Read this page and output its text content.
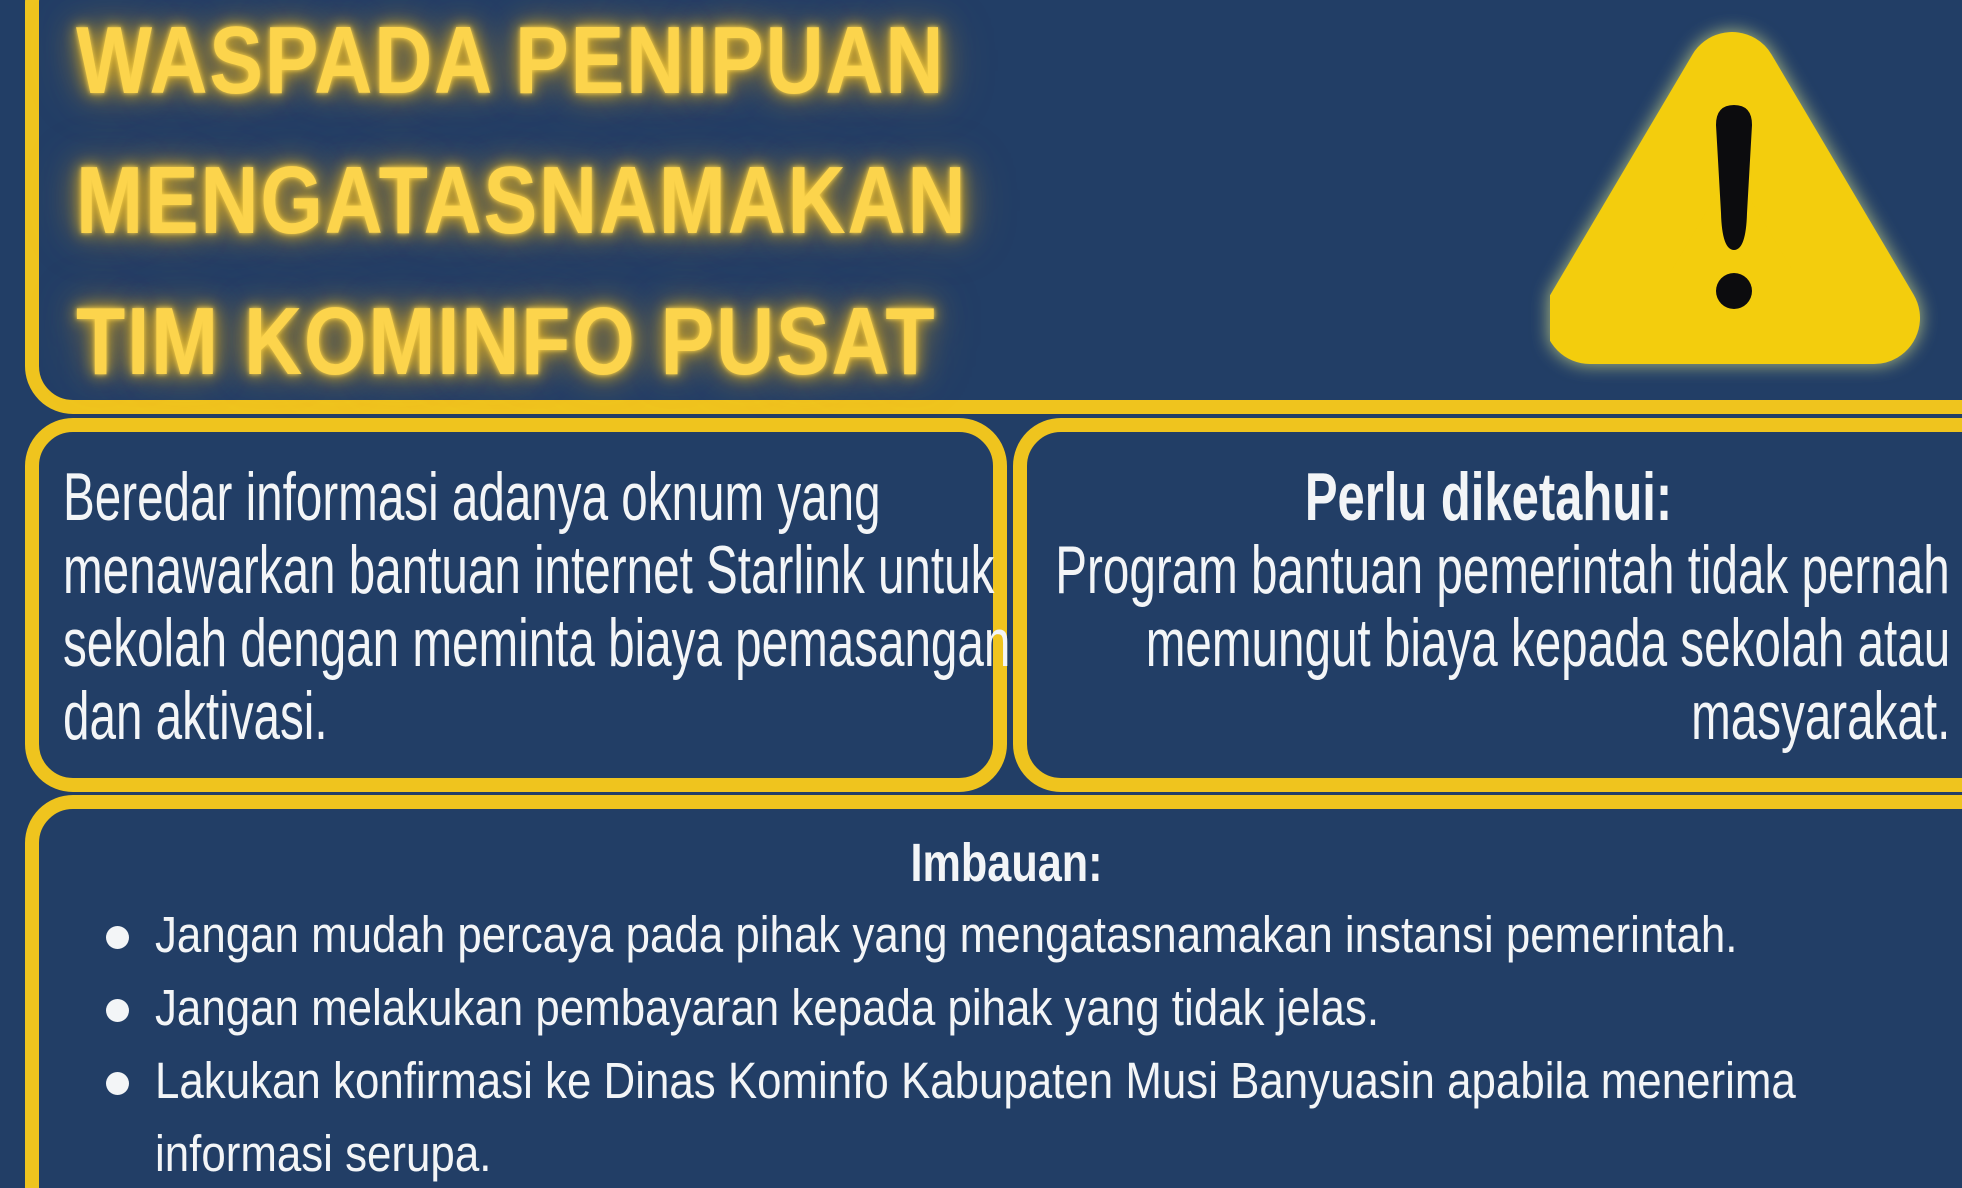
WASPADA PENIPUAN
MENGATASNAMAKAN
TIM KOMINFO PUSAT
Beredar informasi adanya oknum yang
menawarkan bantuan internet Starlink untuk
sekolah dengan meminta biaya pemasangan
dan aktivasi.
Perlu diketahui:
Program bantuan pemerintah tidak pernah
memungut biaya kepada sekolah atau
masyarakat.
Imbauan:
Jangan mudah percaya pada pihak yang mengatasnamakan instansi pemerintah.
Jangan melakukan pembayaran kepada pihak yang tidak jelas.
Lakukan konfirmasi ke Dinas Kominfo Kabupaten Musi Banyuasin apabila menerima
informasi serupa.
